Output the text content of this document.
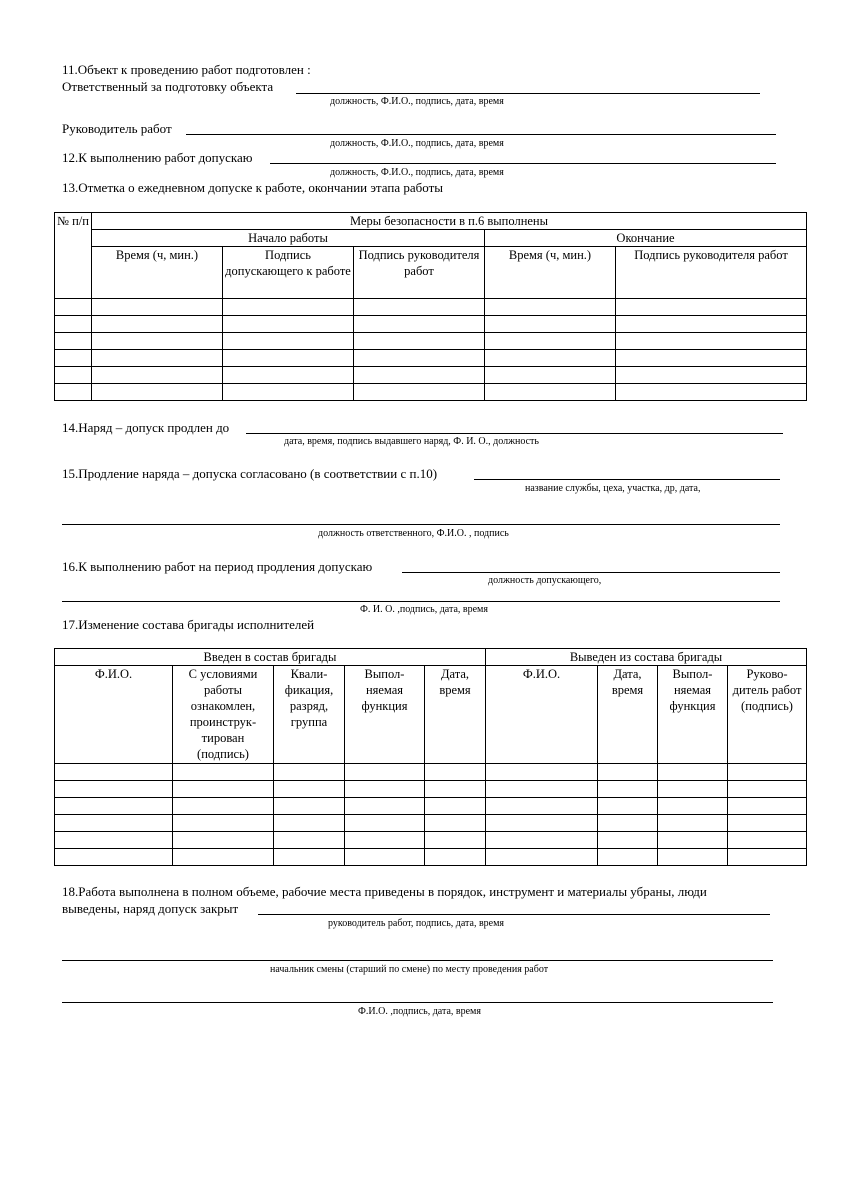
11.Объект к проведению работ подготовлен :
Ответственный за подготовку объекта
должность, Ф.И.О., подпись, дата, время
Руководитель работ
должность, Ф.И.О., подпись, дата, время
12.К выполнению работ допускаю
должность, Ф.И.О., подпись, дата, время
13.Отметка о ежедневном допуске к работе, окончании этапа работы
№ п/п	Меры безопасности в п.6 выполнены				
	Начало работы			Окончание	
	Время (ч, мин.)	Подпись допускающего к работе	Подпись руководителя работ	Время (ч, мин.)	Подпись руководителя работ

14.Наряд – допуск продлен до
дата, время, подпись выдавшего наряд, Ф. И. О., должность
15.Продление наряда – допуска согласовано (в соответствии с п.10)
название службы, цеха, участка, др, дата,
должность ответственного, Ф.И.О. , подпись
16.К выполнению работ на период продления допускаю
должность допускающего,
Ф. И. О. ,подпись, дата, время
17.Изменение состава бригады исполнителей
Введен в состав бригады					Выведен из состава бригады			
Ф.И.О.	С условиями работы ознакомлен, проинструк- тирован (подпись)	Квали- фикация, разряд, группа	Выпол- няемая функция	Дата, время	Ф.И.О.	Дата, время	Выпол- няемая функция	Руково- дитель работ (подпись)

18.Работа выполнена в полном объеме, рабочие места приведены в порядок, инструмент и материалы убраны, люди
выведены, наряд допуск закрыт
руководитель работ, подпись, дата, время
начальник смены (старший по смене) по месту проведения работ
Ф.И.О. ,подпись, дата, время
